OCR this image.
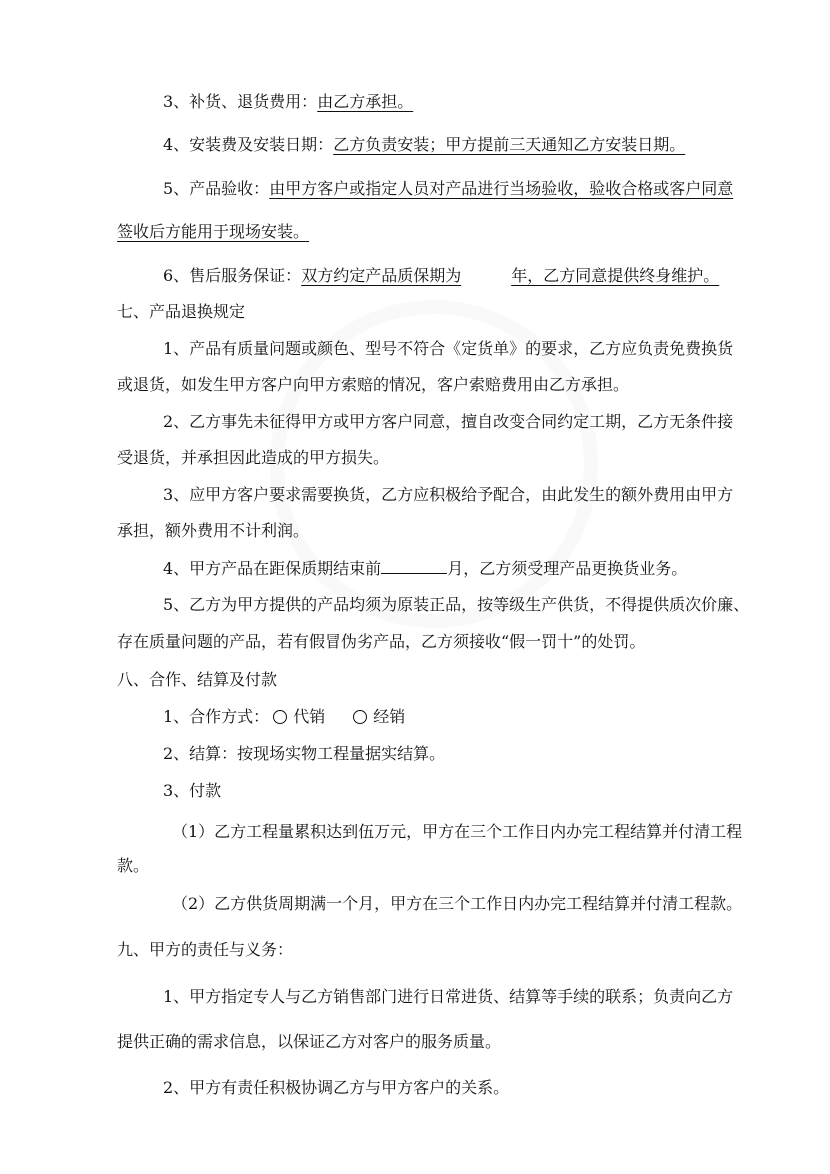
3、补货、退货费用：由乙方承担。
4、安装费及安装日期：乙方负责安装；甲方提前三天通知乙方安装日期。
5、产品验收：由甲方客户或指定人员对产品进行当场验收，验收合格或客户同意
签收后方能用于现场安装。
6、售后服务保证：双方约定产品质保期为	年，乙方同意提供终身维护。
七、产品退换规定
1、产品有质量问题或颜色、型号不符合《定货单》的要求，乙方应负责免费换货
或退货，如发生甲方客户向甲方索赔的情况，客户索赔费用由乙方承担。
2、乙方事先未征得甲方或甲方客户同意，擅自改变合同约定工期，乙方无条件接
受退货，并承担因此造成的甲方损失。
3、应甲方客户要求需要换货，乙方应积极给予配合，由此发生的额外费用由甲方
承担，额外费用不计利润。
4、甲方产品在距保质期结束前	月，乙方须受理产品更换货业务。
5、乙方为甲方提供的产品均须为原装正品，按等级生产供货，不得提供质次价廉、
存在质量问题的产品，若有假冒伪劣产品，乙方须接收“假一罚十”的处罚。
八、合作、结算及付款
1、合作方式： 代销	经销
2、结算：按现场实物工程量据实结算。
3、付款
（1）乙方工程量累积达到伍万元，甲方在三个工作日内办完工程结算并付清工程
款。
（2）乙方供货周期满一个月，甲方在三个工作日内办完工程结算并付清工程款。
九、甲方的责任与义务：
1、甲方指定专人与乙方销售部门进行日常进货、结算等手续的联系；负责向乙方
提供正确的需求信息，以保证乙方对客户的服务质量。
2、甲方有责任积极协调乙方与甲方客户的关系。
